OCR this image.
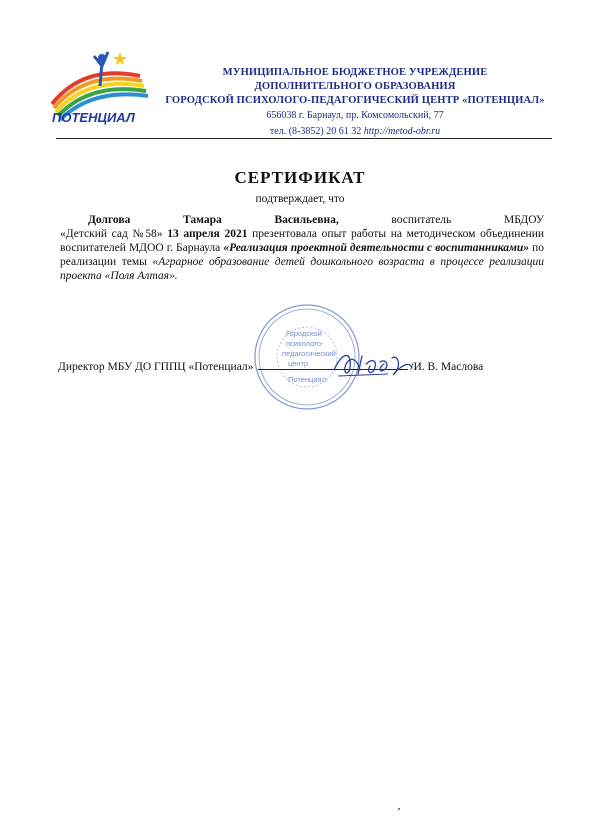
ПОТЕНЦИАЛ
МУНИЦИПАЛЬНОЕ БЮДЖЕТНОЕ УЧРЕЖДЕНИЕ
ДОПОЛНИТЕЛЬНОГО ОБРАЗОВАНИЯ
ГОРОДСКОЙ ПСИХОЛОГО-ПЕДАГОГИЧЕСКИЙ ЦЕНТР «ПОТЕНЦИАЛ»
656038 г. Барнаул, пр. Комсомольский, 77
тел. (8-3852) 20 61 32 http://metod-obr.ru
СЕРТИФИКАТ
подтверждает, что
Долгова Тамара Васильевна,	воспитатель МБДОУ
«Детский сад №58» 13 апреля 2021 презентовала опыт работы на методическом объединении воспитателей МДОО г. Барнаула «Реализация проектной деятельности с воспитанниками» по реализации темы «Аграрное образование детей дошкольного возраста в процессе реализации проекта «Поля Алтая».
Городской
психолого-
педагогический
центр
Потенциал
Директор МБУ ДО ГППЦ «Потенциал»	/И. В. Маслова
